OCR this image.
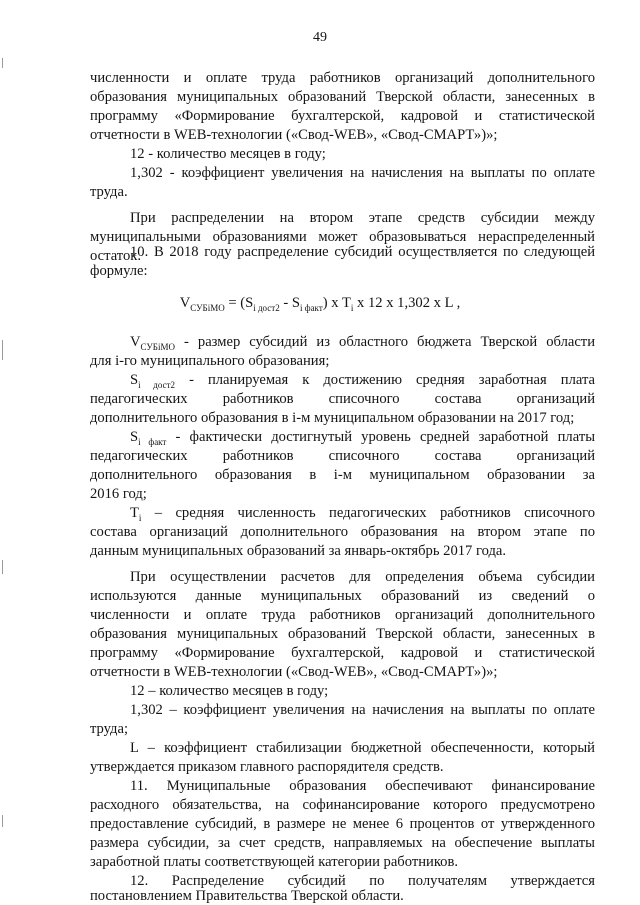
49
численности и оплате труда работников организаций дополнительного
образования муниципальных образований Тверской области, занесенных в
программу «Формирование бухгалтерской, кадровой и статистической
отчетности в WEB-технологии («Свод-WEB», «Свод-СМАРТ»)»;
12 - количество месяцев в году;
1,302 - коэффициент увеличения на начисления на выплаты по оплате
труда.
При распределении на втором этапе средств субсидии между
муниципальными образованиями может образовываться нераспределенный
остаток.
10. В 2018 году распределение субсидий осуществляется по следующей
формуле:
$V_{СУБiМО} = (S_{i дост2} - S_{i факт})$ x $T_i$ x 12 x 1,302 x L ,
$V_{СУБiМО}$ - размер субсидий из областного бюджета Тверской области
для i-го муниципального образования;
$S_{i дост2}$ - планируемая к достижению средняя заработная плата
педагогических работников списочного состава организаций
дополнительного образования в i-м муниципальном образовании на 2017 год;
$S_{i факт}$ - фактически достигнутый уровень средней заработной платы
педагогических работников списочного состава организаций
дополнительного образования в i-м муниципальном образовании за
2016 год;
$T_i$ – средняя численность педагогических работников списочного
состава организаций дополнительного образования на втором этапе по
данным муниципальных образований за январь-октябрь 2017 года.
При осуществлении расчетов для определения объема субсидии
используются данные муниципальных образований из сведений о
численности и оплате труда работников организаций дополнительного
образования муниципальных образований Тверской области, занесенных в
программу «Формирование бухгалтерской, кадровой и статистической
отчетности в WEB-технологии («Свод-WEB», «Свод-СМАРТ»)»;
12 – количество месяцев в году;
1,302 – коэффициент увеличения на начисления на выплаты по оплате
труда;
L – коэффициент стабилизации бюджетной обеспеченности, который
утверждается приказом главного распорядителя средств.
11. Муниципальные образования обеспечивают финансирование
расходного обязательства, на софинансирование которого предусмотрено
предоставление субсидий, в размере не менее 6 процентов от утвержденного
размера субсидии, за счет средств, направляемых на обеспечение выплаты
заработной платы соответствующей категории работников.
12. Распределение субсидий по получателям утверждается
постановлением Правительства Тверской области.
